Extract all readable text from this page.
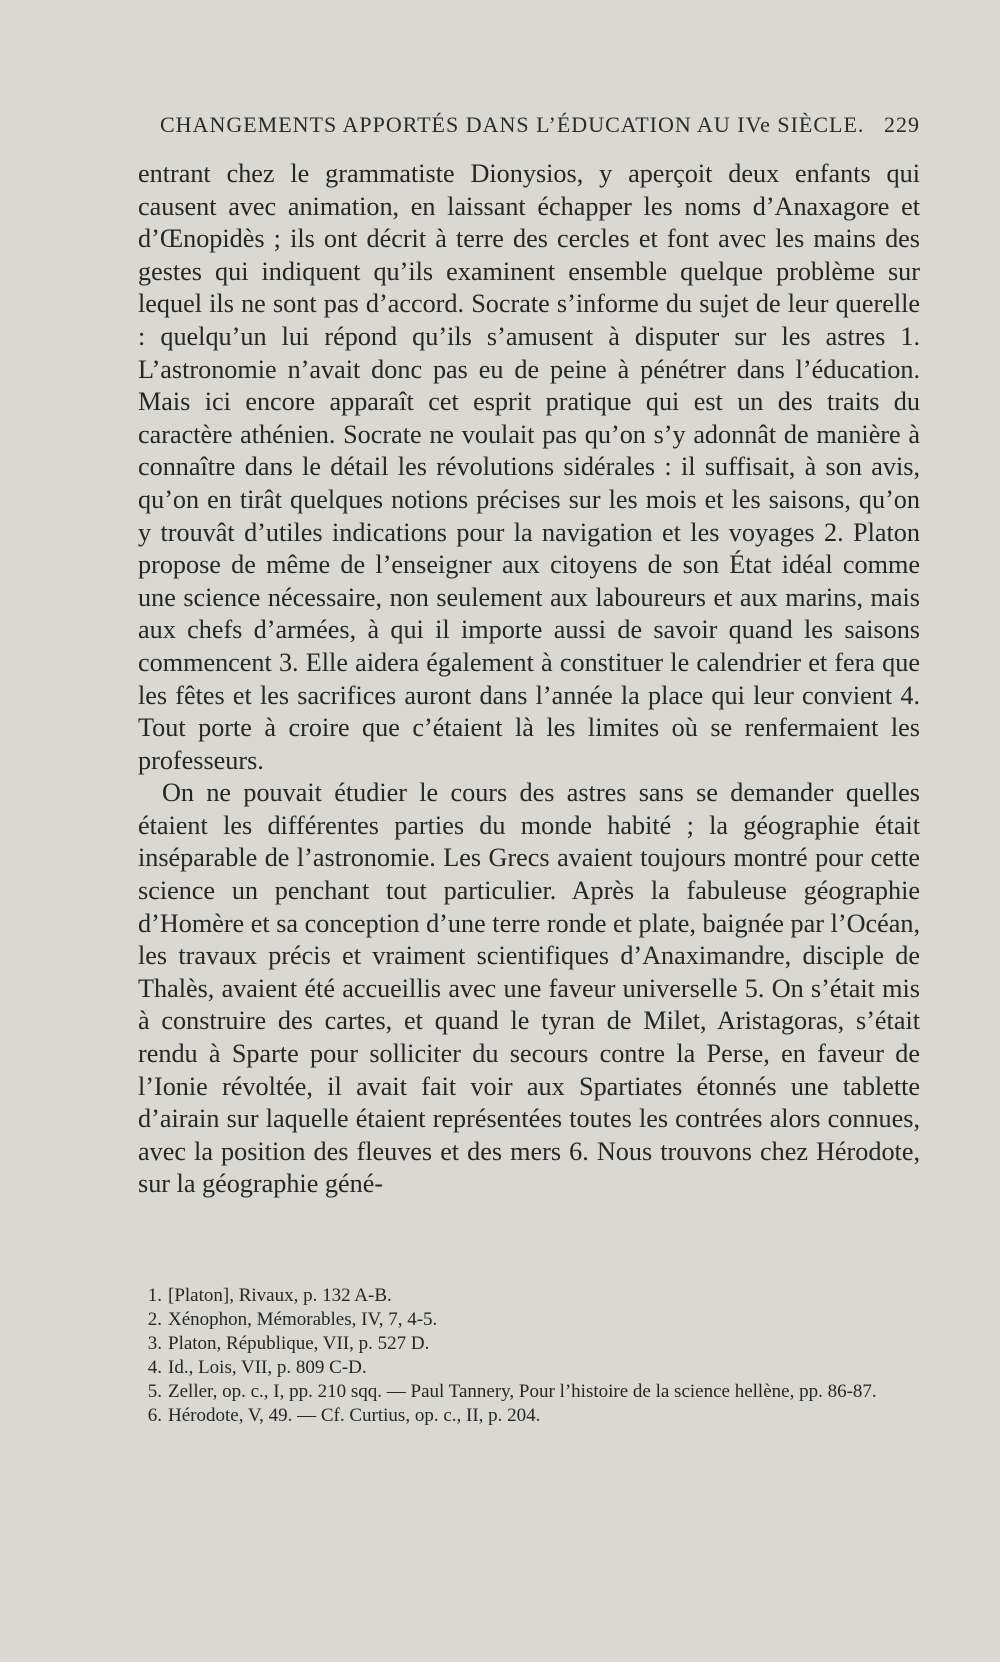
CHANGEMENTS APPORTÉS DANS L’ÉDUCATION AU IVe SIÈCLE. 229

entrant chez le grammatiste Dionysios, y aperçoit deux enfants qui causent avec animation, en laissant échapper les noms d’Anaxagore et d’Œnopidès ; ils ont décrit à terre des cercles et font avec les mains des gestes qui indiquent qu’ils examinent ensemble quelque problème sur lequel ils ne sont pas d’accord. Socrate s’informe du sujet de leur querelle : quelqu’un lui répond qu’ils s’amusent à disputer sur les astres 1. L’astronomie n’avait donc pas eu de peine à pénétrer dans l’éducation. Mais ici encore apparaît cet esprit pratique qui est un des traits du caractère athénien. Socrate ne voulait pas qu’on s’y adonnât de manière à connaître dans le détail les révolutions sidérales : il suffisait, à son avis, qu’on en tirât quelques notions précises sur les mois et les saisons, qu’on y trouvât d’utiles indications pour la navigation et les voyages 2. Platon propose de même de l’enseigner aux citoyens de son État idéal comme une science nécessaire, non seulement aux laboureurs et aux marins, mais aux chefs d’armées, à qui il importe aussi de savoir quand les saisons commencent 3. Elle aidera également à constituer le calendrier et fera que les fêtes et les sacrifices auront dans l’année la place qui leur convient 4. Tout porte à croire que c’étaient là les limites où se renfermaient les professeurs.

On ne pouvait étudier le cours des astres sans se demander quelles étaient les différentes parties du monde habité ; la géographie était inséparable de l’astronomie. Les Grecs avaient toujours montré pour cette science un penchant tout particulier. Après la fabuleuse géographie d’Homère et sa conception d’une terre ronde et plate, baignée par l’Océan, les travaux précis et vraiment scientifiques d’Anaximandre, disciple de Thalès, avaient été accueillis avec une faveur universelle 5. On s’était mis à construire des cartes, et quand le tyran de Milet, Aristagoras, s’était rendu à Sparte pour solliciter du secours contre la Perse, en faveur de l’Ionie révoltée, il avait fait voir aux Spartiates étonnés une tablette d’airain sur laquelle étaient représentées toutes les contrées alors connues, avec la position des fleuves et des mers 6. Nous trouvons chez Hérodote, sur la géographie géné-

1. [Platon], Rivaux, p. 132 A-B.

2. Xénophon, Mémorables, IV, 7, 4-5.

3. Platon, République, VII, p. 527 D.

4. Id., Lois, VII, p. 809 C-D.

5. Zeller, op. c., I, pp. 210 sqq. — Paul Tannery, Pour l’histoire de la science hellène, pp. 86-87.

6. Hérodote, V, 49. — Cf. Curtius, op. c., II, p. 204.
